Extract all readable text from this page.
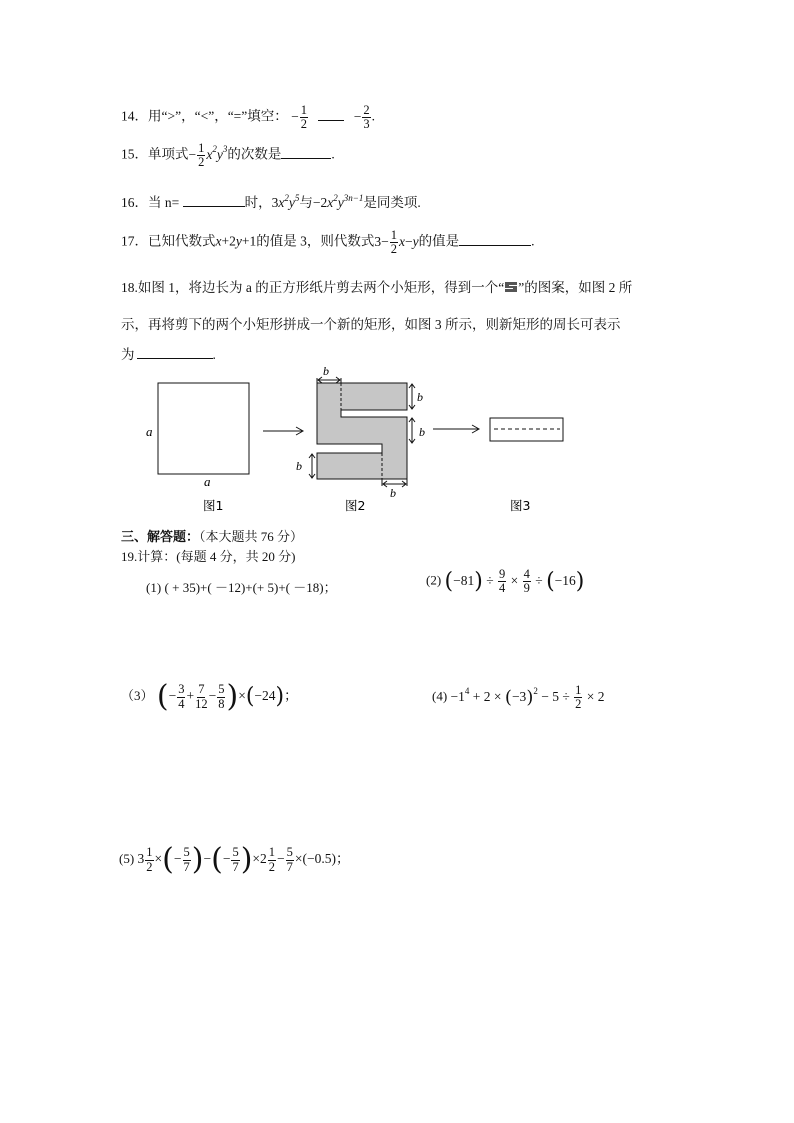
14．用“>”，“<”，“=”填空： − $\frac{1}{2}$	− $\frac{2}{3}$ .
15．单项式− $\frac{1}{2} x^2y^3$的次数是	.
16．当 n=	时，$3x^2y^5$与$-2x^2y^{3n-1}$是同类项.
17．已知代数式x+2y+1的值是 3，则代数式$3- \frac{1}{2} x-y$的值是	.
18.如图 1，将边长为 a 的正方形纸片剪去两个小矩形，得到一个“ ”的图案，如图 2 所
示，再将剪下的两个小矩形拼成一个新的矩形，如图 3 所示，则新矩形的周长可表示
为	.
a
a
图1
b
b
b
b
b
图2	图3
三、解答题：（本大题共 76 分）
19.计算：(每题 4 分，共 20 分)
(1) ( + 35)+( －12)+(+ 5)+( －18)；	(2) $(-81) \div \frac{9}{4} \times \frac{4}{9} \div (-16)$
（3） (− $\frac{3}{4} + \frac{7}{12} - \frac{5}{8} )\times(-24)$；	$(4) -1^4 + 2 \times (-3)^2 - 5 \div \frac{1}{2} \times 2$
(5) $3 \frac{1}{2}$ ×(− $\frac{5}{7}$ )−(− $\frac{5}{7} )\times 2 \frac{1}{2} - \frac{5}{7} \times(-0.5)$；
